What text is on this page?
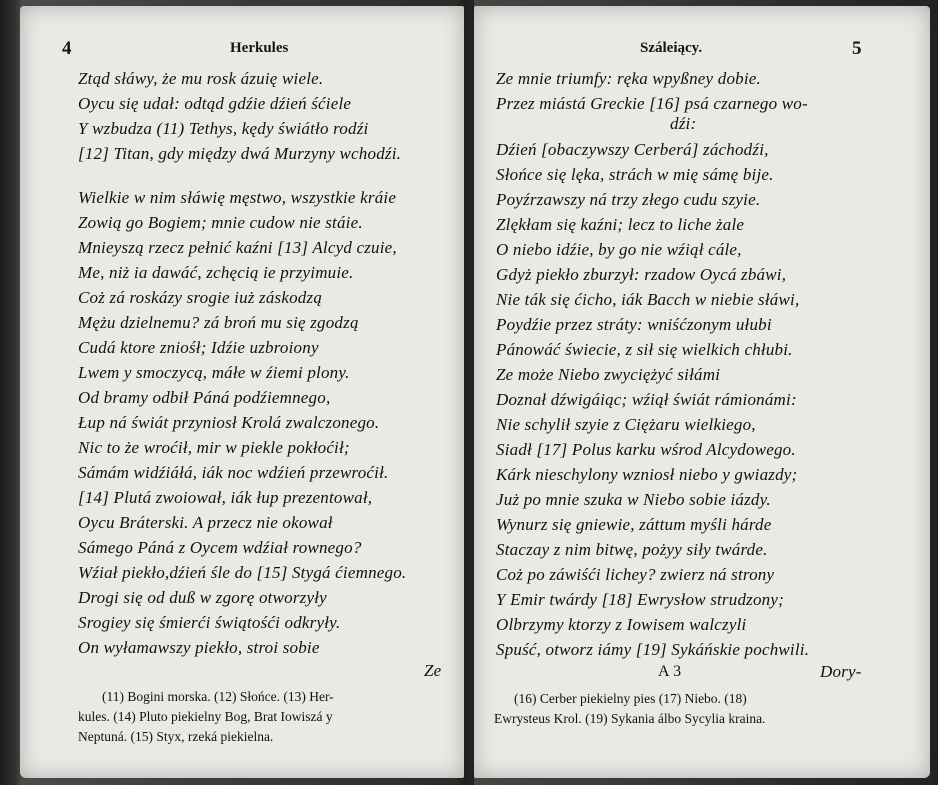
4	Herkules
Ztąd słáwy, że mu rosk ázuię wiele.
Oycu się udał: odtąd gdźie dźień śćiele
Y wzbudza (11) Tethys, kędy świátło rodźi
[12] Titan, gdy między dwá Murzyny wchodźi.
Wielkie w nim słáwię męstwo, wszystkie kráie
Zowią go Bogiem; mnie cudow nie stáie.
Mnieyszą rzecz pełnić kaźni [13] Alcyd czuie,
Me, niż ia dawáć, zchęcią ie przyimuie.
Coż zá roskázy srogie iuż záskodzą
Mężu dzielnemu? zá broń mu się zgodzą
Cudá ktore zniośł; Idźie uzbroiony
Lwem y smoczycą, máłe w źiemi plony.
Od bramy odbił Páná podźiemnego,
Łup ná świát przyniosł Krolá zwalczonego.
Nic to że wroćił, mir w piekle pokłoćił;
Sámám widźiáłá, iák noc wdźień przewroćił.
[14] Plutá zwoiował, iák łup prezentował,
Oycu Bráterski. A przecz nie okował
Sámego Páná z Oycem wdźiał rownego?
Wźiał piekło,dźień śle do [15] Stygá ćiemnego.
Drogi się od duß w zgorę otworzyły
Srogiey się śmierći świątośći odkryły.
On wyłamawszy piekło, stroi sobie
Ze
(11) Bogini morska. (12) Słońce. (13) Her-
kules. (14) Pluto piekielny Bog, Brat Iowiszá y
Neptuná. (15) Styx, rzeká piekielna.
Száleiący.	5
Ze mnie triumfy: ręka wpyßney dobie.
Przez miástá Greckie [16] psá czarnego wo-
dźi:
Dźień [obaczywszy Cerberá] záchodźi,
Słońce się lęka, strách w mię sámę bije.
Poyźrzawszy ná trzy złego cudu szyie.
Zlękłam się kaźni; lecz to liche żale
O niebo idźie, by go nie wźiął cále,
Gdyż piekło zburzył: rzadow Oycá zbáwi,
Nie ták się ćicho, iák Bacch w niebie słáwi,
Poydźie przez stráty: wniśćzonym ułubi
Pánowáć świecie, z sił się wielkich chłubi.
Ze może Niebo zwyciężyć siłámi
Doznał dźwigáiąc; wźiął świát rámionámi:
Nie schylił szyie z Ciężaru wielkiego,
Siadł [17] Polus karku wśrod Alcydowego.
Kárk nieschylony wzniosł niebo y gwiazdy;
Już po mnie szuka w Niebo sobie iázdy.
Wynurz się gniewie, záttum myśli hárde
Staczay z nim bitwę, pożyy siły twárde.
Coż po záwiśći lichey? zwierz ná strony
Y Emir twárdy [18] Ewrysłow strudzony;
Olbrzymy ktorzy z Iowisem walczyli
Spuść, otworz iámy [19] Sykáńskie pochwili.
A 3	Dory-
(16) Cerber piekielny pies (17) Niebo. (18)
Ewrysteus Krol. (19) Sykania álbo Sycylia kraina.
